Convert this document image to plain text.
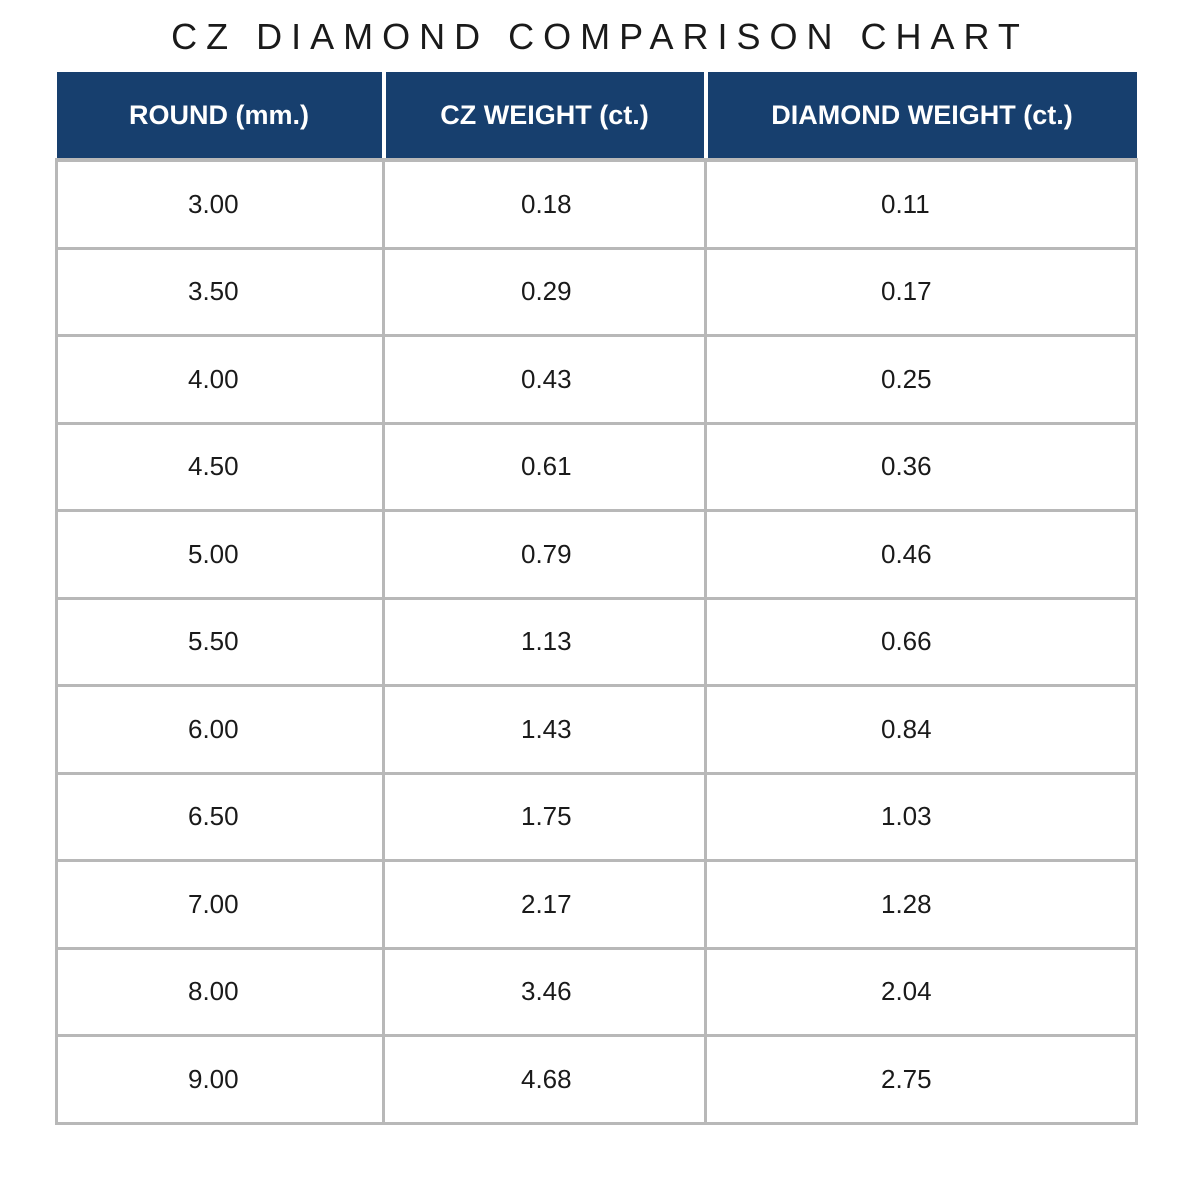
CZ DIAMOND COMPARISON CHART
ROUND (mm.)	CZ WEIGHT (ct.)	DIAMOND WEIGHT (ct.)
3.00	0.18	0.11
3.50	0.29	0.17
4.00	0.43	0.25
4.50	0.61	0.36
5.00	0.79	0.46
5.50	1.13	0.66
6.00	1.43	0.84
6.50	1.75	1.03
7.00	2.17	1.28
8.00	3.46	2.04
9.00	4.68	2.75
